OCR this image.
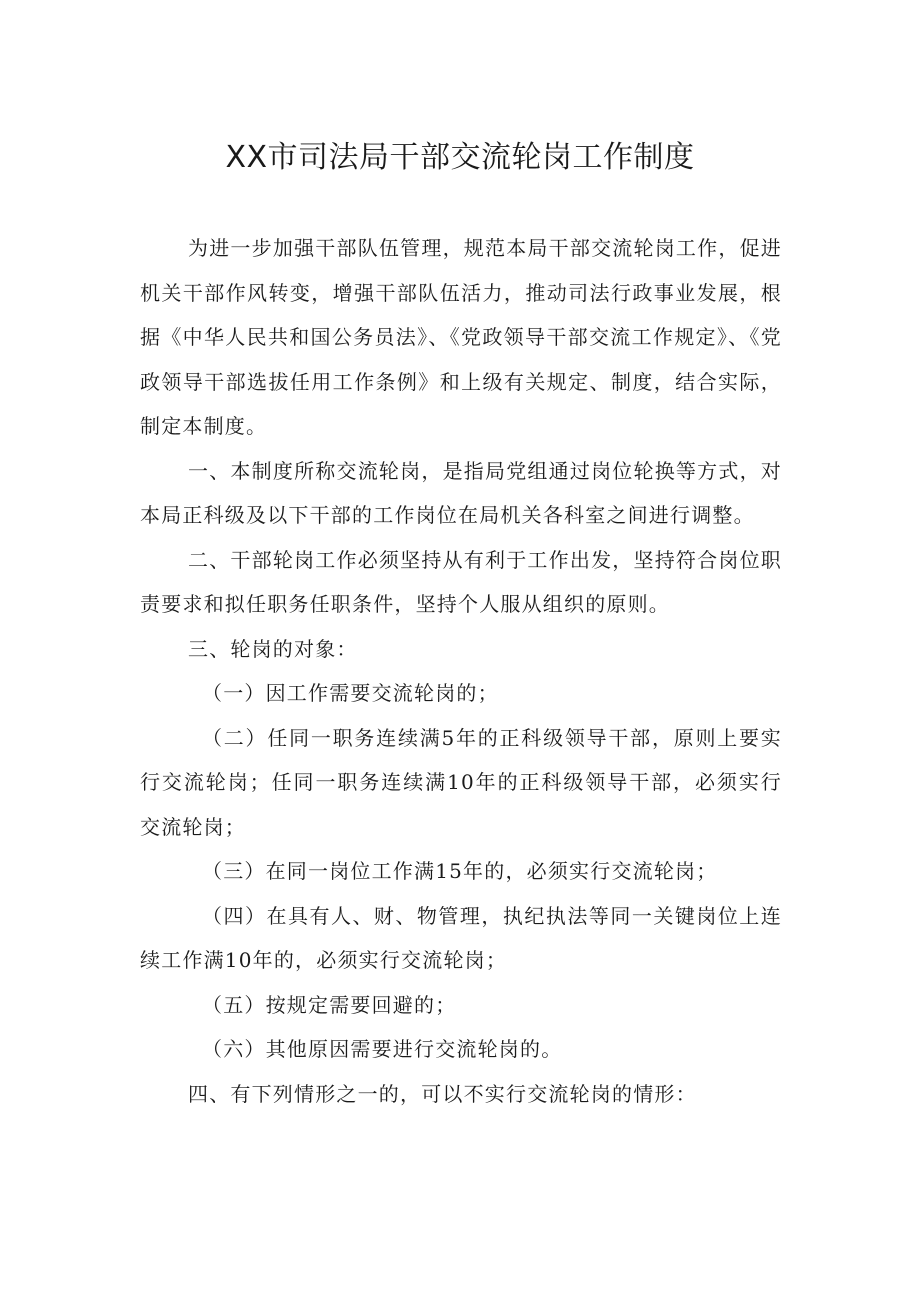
XX市司法局干部交流轮岗工作制度

为进一步加强干部队伍管理，规范本局干部交流轮岗工作，促进机关干部作风转变，增强干部队伍活力，推动司法行政事业发展，根据《中华人民共和国公务员法》、《党政领导干部交流工作规定》、《党政领导干部选拔任用工作条例》和上级有关规定、制度，结合实际，制定本制度。

一、本制度所称交流轮岗，是指局党组通过岗位轮换等方式，对本局正科级及以下干部的工作岗位在局机关各科室之间进行调整。

二、干部轮岗工作必须坚持从有利于工作出发，坚持符合岗位职责要求和拟任职务任职条件，坚持个人服从组织的原则。

三、轮岗的对象：

（一）因工作需要交流轮岗的；

（二）任同一职务连续满5年的正科级领导干部，原则上要实行交流轮岗；任同一职务连续满10年的正科级领导干部，必须实行交流轮岗；

（三）在同一岗位工作满15年的，必须实行交流轮岗；

（四）在具有人、财、物管理，执纪执法等同一关键岗位上连续工作满10年的，必须实行交流轮岗；

（五）按规定需要回避的；

（六）其他原因需要进行交流轮岗的。

四、有下列情形之一的，可以不实行交流轮岗的情形：
